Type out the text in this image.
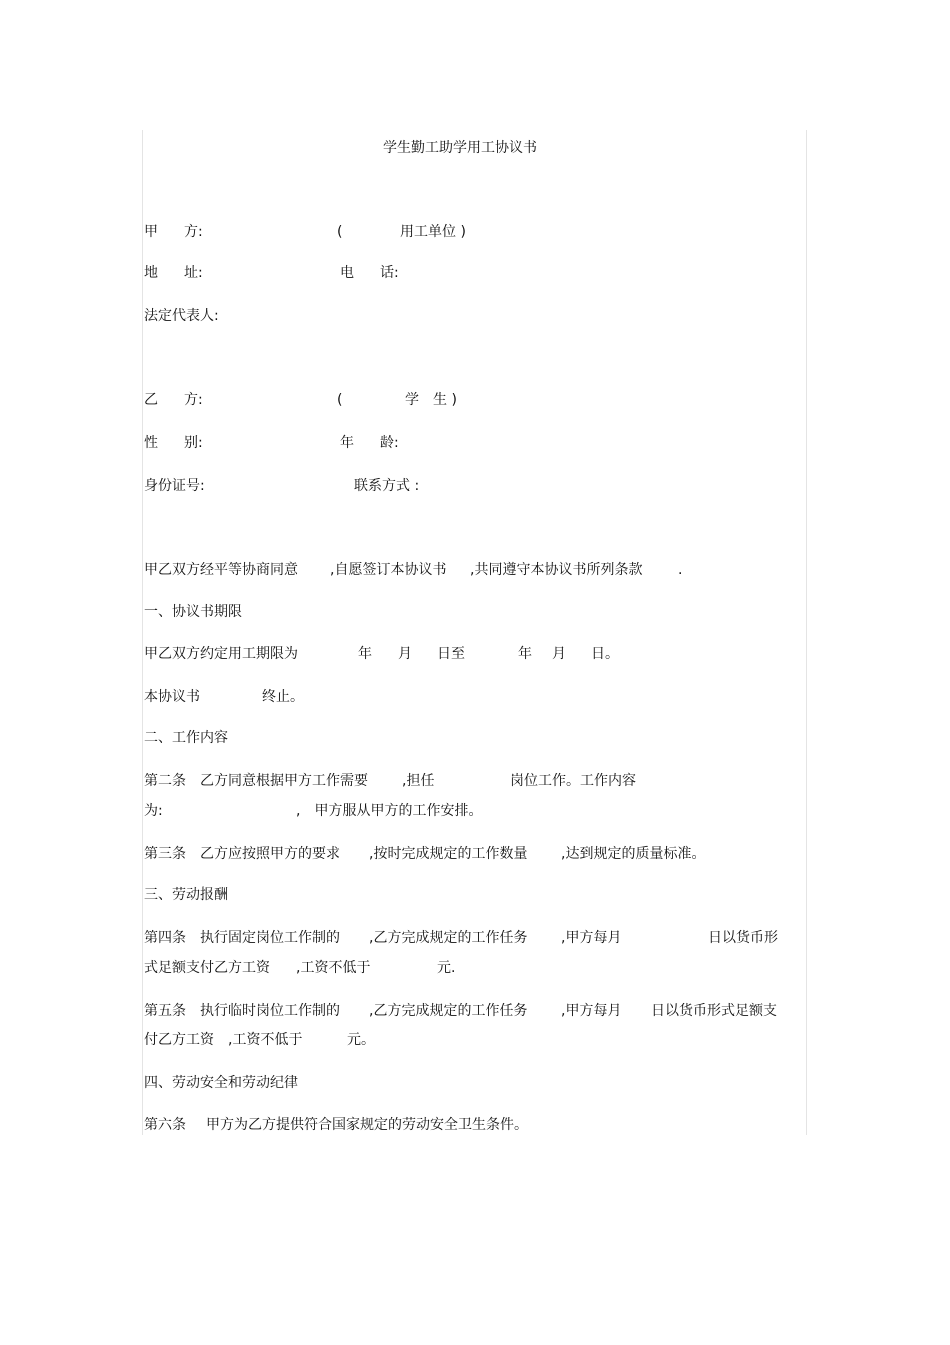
学生勤工助学用工协议书
甲 方:	(	用工单位 )
地 址:	电 话:
法定代表人:
乙 方:	(	学　生 )
性 别:	年 龄:
身份证号:	联系方式 :
甲乙双方经平等协商同意 ,自愿签订本协议书 ,共同遵守本协议书所列条款	.
一、协议书期限
甲乙双方约定用工期限为	年 月 日至	年 月 日。
本协议书	终止。
二、工作内容
第二条　乙方同意根据甲方工作需要 ,担任	岗位工作。工作内容
为:	,　甲方服从甲方的工作安排。
第三条　乙方应按照甲方的要求 ,按时完成规定的工作数量 ,达到规定的质量标准。
三、劳动报酬
第四条　执行固定岗位工作制的 ,乙方完成规定的工作任务 ,甲方每月	日以货币形
式足额支付乙方工资 ,工资不低于	元.
第五条　执行临时岗位工作制的 ,乙方完成规定的工作任务 ,甲方每月 日以货币形式足额支
付乙方工资 ,工资不低于	元。
四、劳动安全和劳动纪律
第六条 甲方为乙方提供符合国家规定的劳动安全卫生条件。
